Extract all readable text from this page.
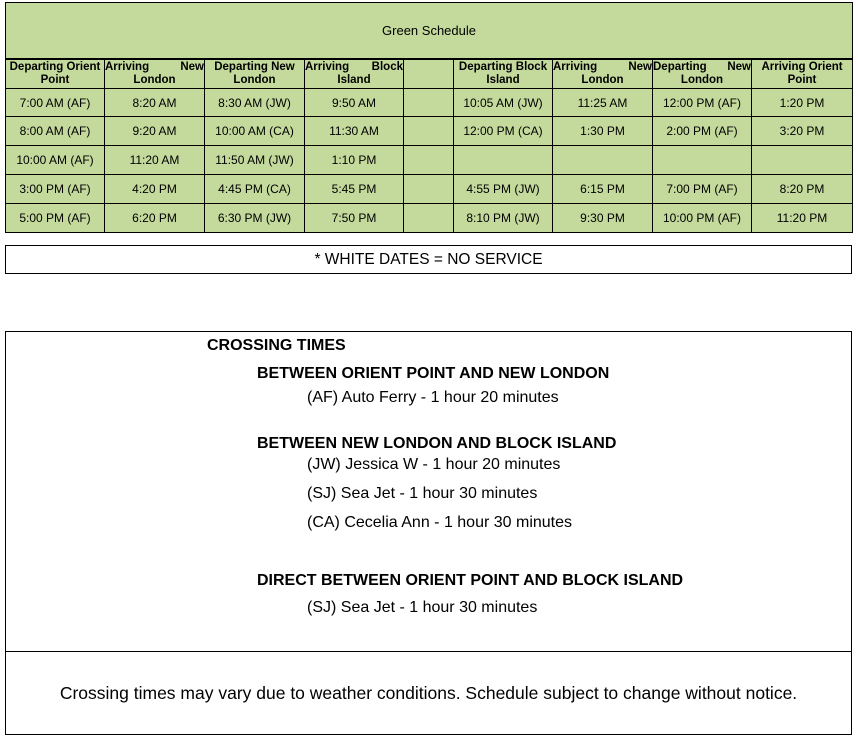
Green Schedule								
Departing Orient Point	Arriving New London	Departing New London	Arriving Block Island		Departing Block Island	Arriving New London	Departing New London	Arriving Orient Point
7:00 AM (AF)	8:20 AM	8:30 AM (JW)	9:50 AM		10:05 AM (JW)	11:25 AM	12:00 PM (AF)	1:20 PM
8:00 AM (AF)	9:20 AM	10:00 AM (CA)	11:30 AM		12:00 PM (CA)	1:30 PM	2:00 PM (AF)	3:20 PM
10:00 AM (AF)	11:20 AM	11:50 AM (JW)	1:10 PM					
3:00 PM (AF)	4:20 PM	4:45 PM (CA)	5:45 PM		4:55 PM (JW)	6:15 PM	7:00 PM (AF)	8:20 PM
5:00 PM (AF)	6:20 PM	6:30 PM (JW)	7:50 PM		8:10 PM (JW)	9:30 PM	10:00 PM (AF)	11:20 PM
* WHITE DATES = NO SERVICE
CROSSING TIMES
BETWEEN ORIENT POINT AND NEW LONDON
(AF) Auto Ferry - 1 hour 20 minutes
BETWEEN NEW LONDON AND BLOCK ISLAND
(JW) Jessica W - 1 hour 20 minutes
(SJ) Sea Jet - 1 hour 30 minutes
(CA) Cecelia Ann - 1 hour 30 minutes
DIRECT BETWEEN ORIENT POINT AND BLOCK ISLAND
(SJ) Sea Jet - 1 hour 30 minutes
Crossing times may vary due to weather conditions. Schedule subject to change without notice.
